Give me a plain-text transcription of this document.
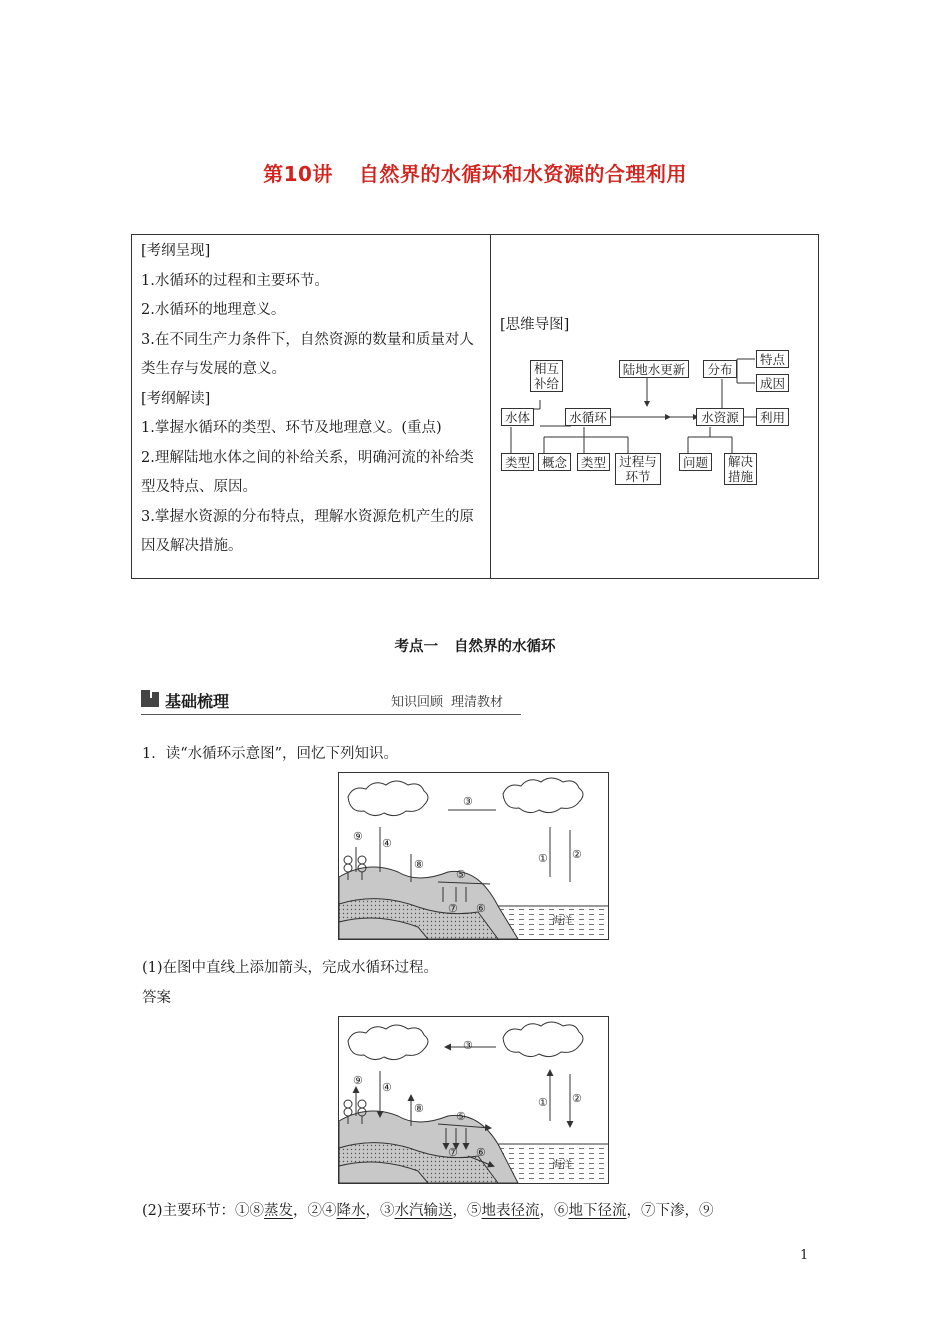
第10讲 自然界的水循环和水资源的合理利用

[考纲呈现]

1.水循环的过程和主要环节。

2.水循环的地理意义。

3.在不同生产力条件下，自然资源的数量和质量对人类生存与发展的意义。

[考纲解读]

1.掌握水循环的类型、环节及地理意义。(重点)

2.理解陆地水体之间的补给关系，明确河流的补给类型及特点、原因。

3.掌握水资源的分布特点，理解水资源危机产生的原因及解决措施。

[思维导图]
相互补给
陆地水更新	分布
特点
成因
水体	水循环	水资源	利用
类型 概念	类型	过程与环节
问题	解决措施
考点一 自然界的水循环
基础梳理	知识回顾 理清教材
1．读“水循环示意图”，回忆下列知识。
③
⑨
④
⑧
⑤
① ②
⑦ ⑥
海洋
(1)在图中直线上添加箭头，完成水循环过程。
答案
③
⑨
④
⑧
⑤
① ②
⑦ ⑥
海洋
(2)主要环节：①⑧蒸发，②④降水，③水汽输送，⑤地表径流，⑥地下径流，⑦下渗，⑨
1
